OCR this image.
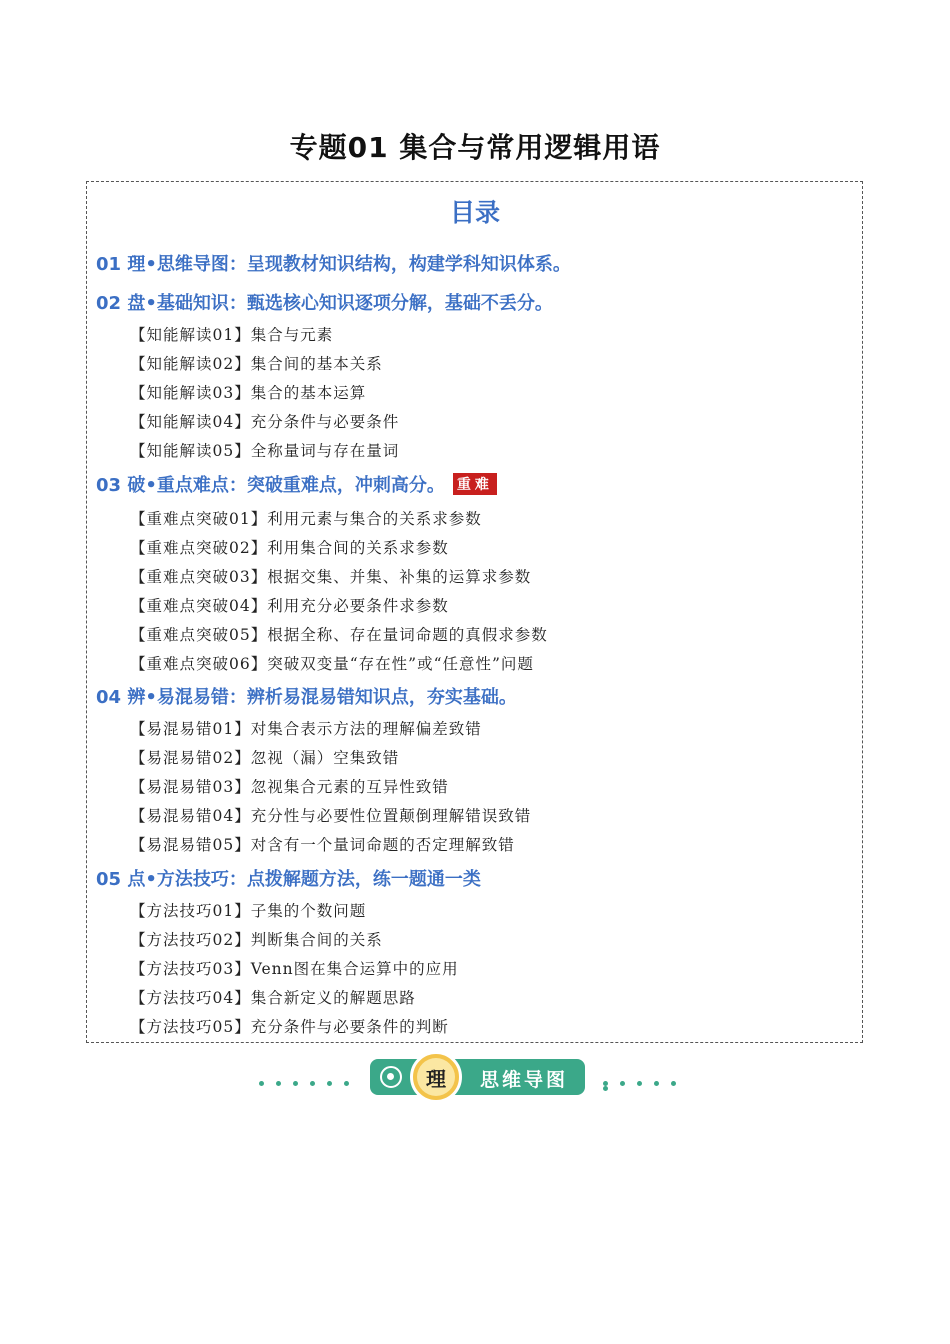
专题01 集合与常用逻辑用语
目录
01 理•思维导图：呈现教材知识结构，构建学科知识体系。
02 盘•基础知识：甄选核心知识逐项分解，基础不丢分。
【知能解读01】集合与元素
【知能解读02】集合间的基本关系
【知能解读03】集合的基本运算
【知能解读04】充分条件与必要条件
【知能解读05】全称量词与存在量词
03 破•重点难点：突破重难点，冲刺高分。 重难
【重难点突破01】利用元素与集合的关系求参数
【重难点突破02】利用集合间的关系求参数
【重难点突破03】根据交集、并集、补集的运算求参数
【重难点突破04】利用充分必要条件求参数
【重难点突破05】根据全称、存在量词命题的真假求参数
【重难点突破06】突破双变量“存在性”或“任意性”问题
04 辨•易混易错：辨析易混易错知识点，夯实基础。
【易混易错01】对集合表示方法的理解偏差致错
【易混易错02】忽视（漏）空集致错
【易混易错03】忽视集合元素的互异性致错
【易混易错04】充分性与必要性位置颠倒理解错误致错
【易混易错05】对含有一个量词命题的否定理解致错
05 点•方法技巧：点拨解题方法，练一题通一类
【方法技巧01】子集的个数问题
【方法技巧02】判断集合间的关系
【方法技巧03】Venn图在集合运算中的应用
【方法技巧04】集合新定义的解题思路
【方法技巧05】充分条件与必要条件的判断
理	思维导图
